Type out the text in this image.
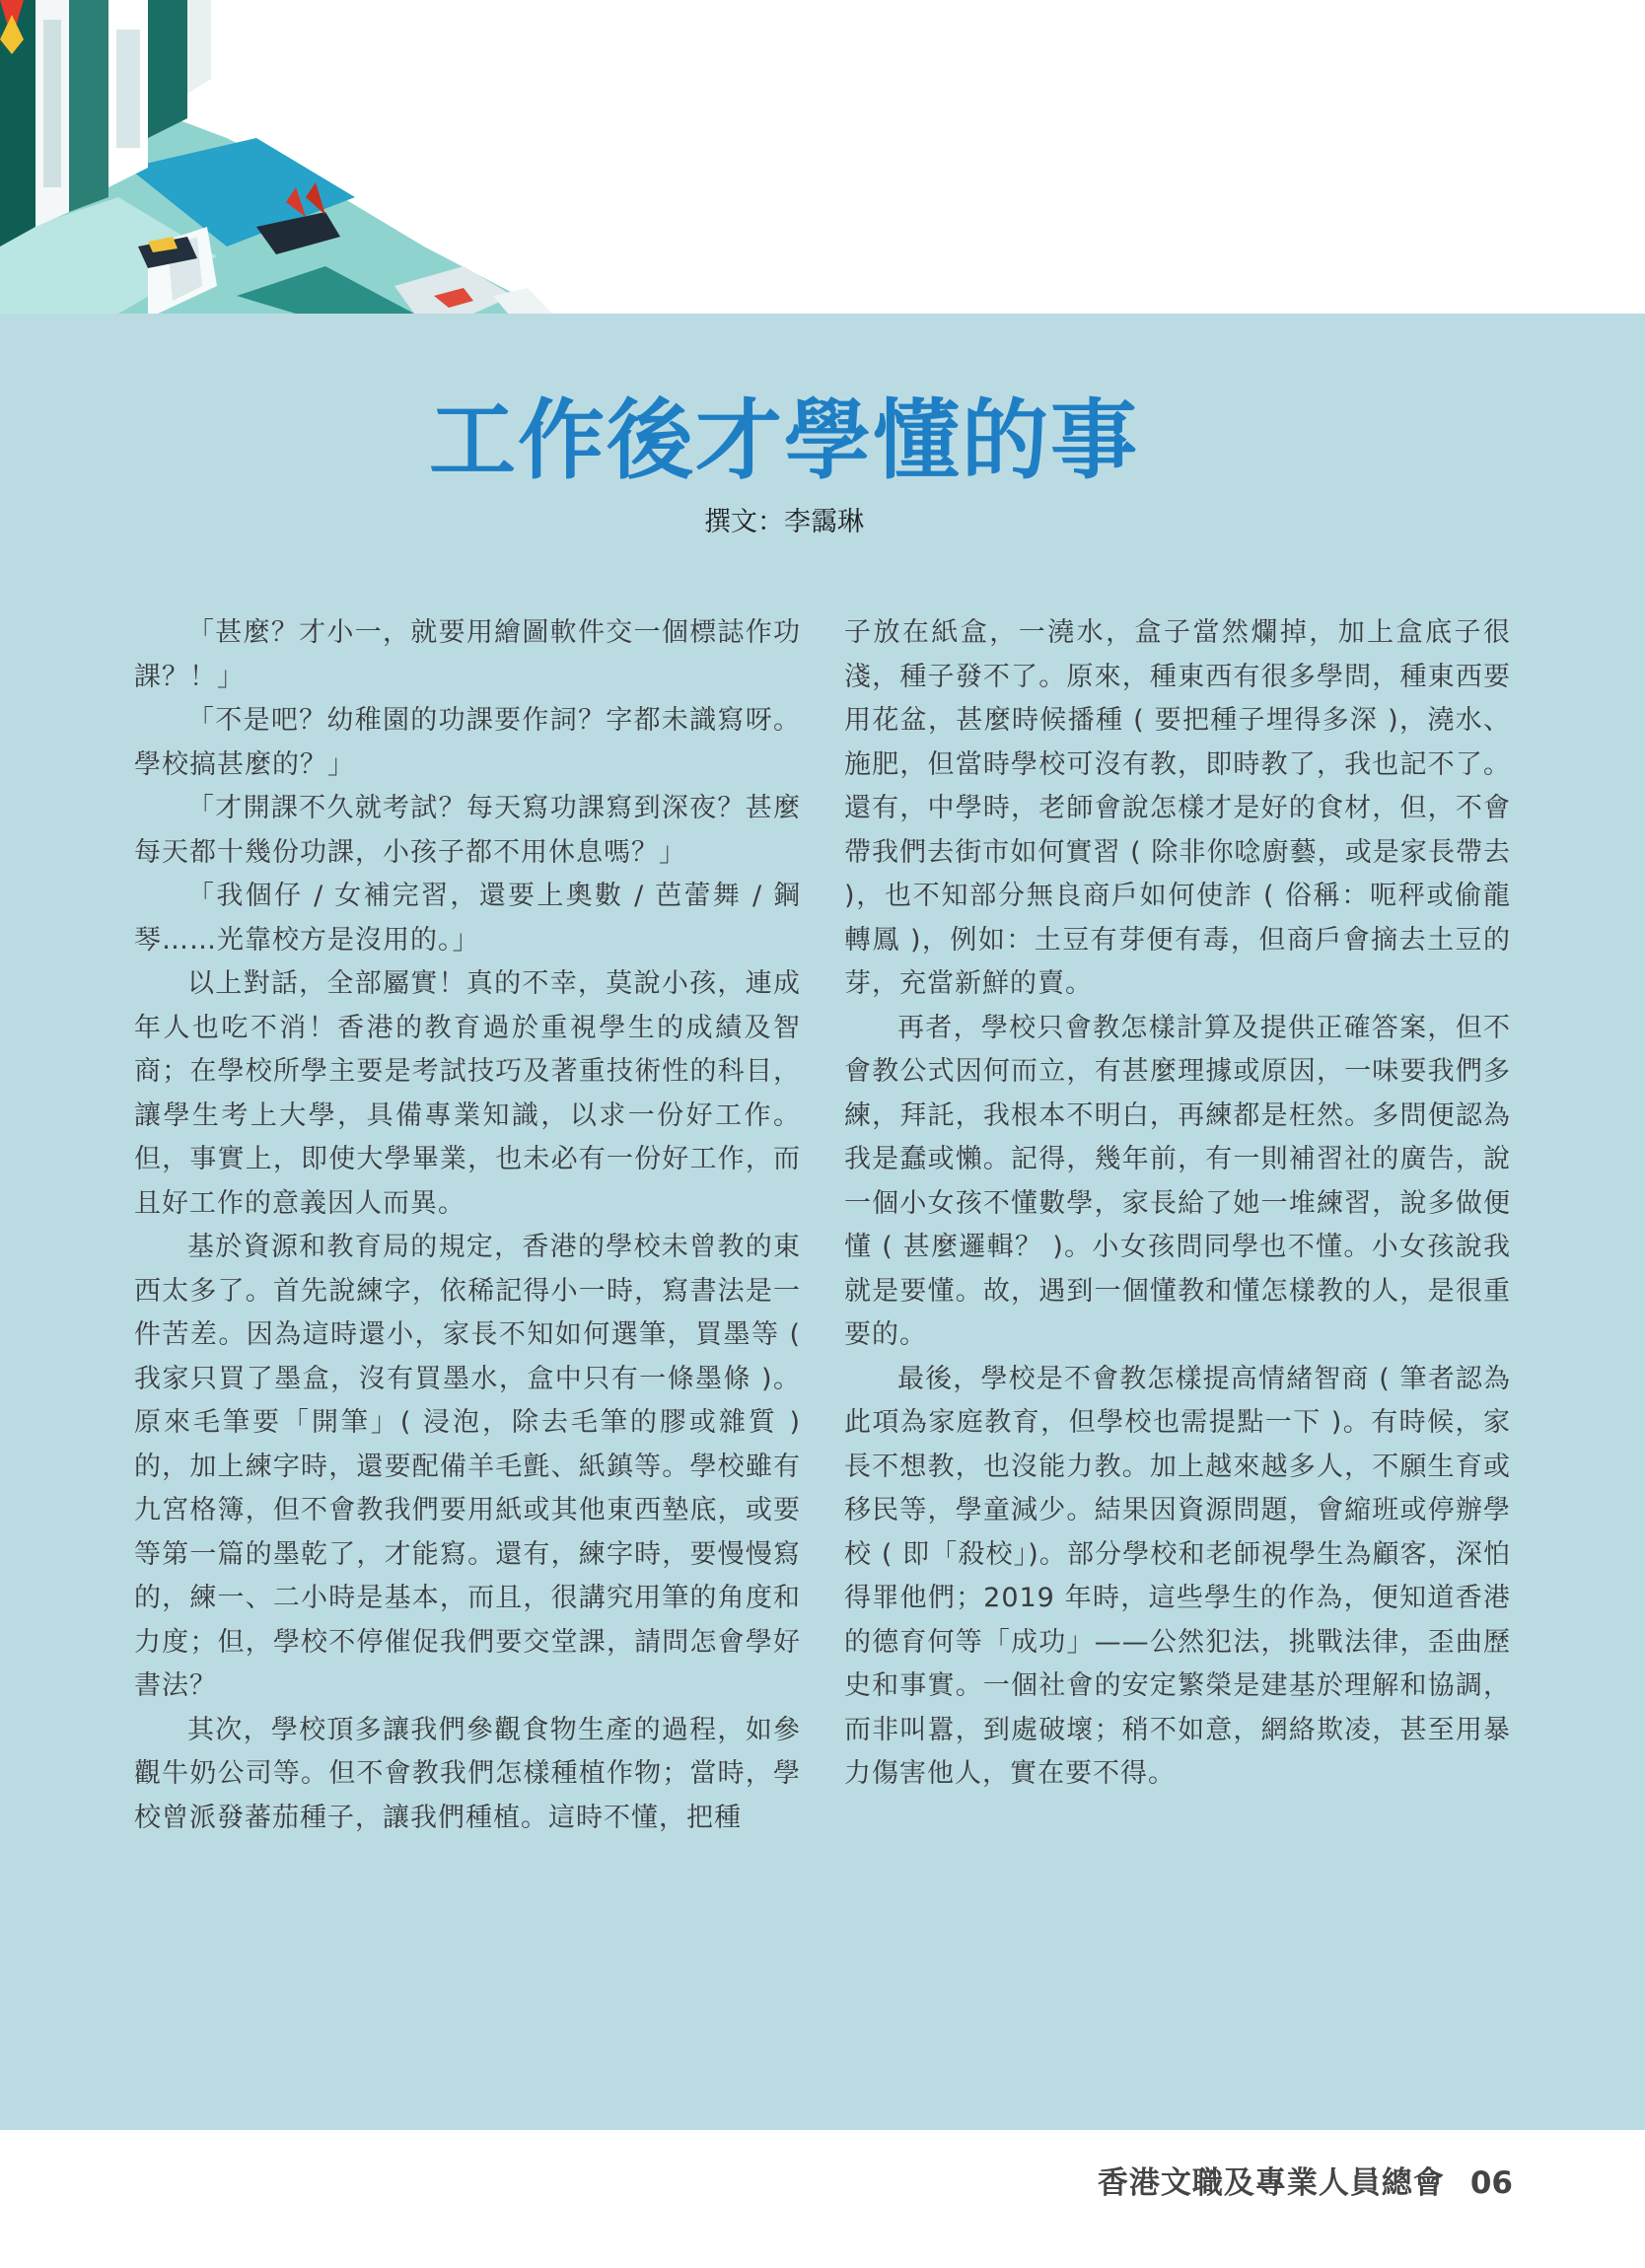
工作後才學懂的事
撰文：李靄琳

「甚麼？才小一，就要用繪圖軟件交一個標誌作功課？！」

「不是吧？幼稚園的功課要作詞？字都未識寫呀。學校搞甚麼的？」

「才開課不久就考試？每天寫功課寫到深夜？甚麼每天都十幾份功課，小孩子都不用休息嗎？」

「我個仔 / 女補完習，還要上奧數 / 芭蕾舞 / 鋼琴……光靠校方是沒用的。」

以上對話，全部屬實！真的不幸，莫說小孩，連成年人也吃不消！香港的教育過於重視學生的成績及智商；在學校所學主要是考試技巧及著重技術性的科目，讓學生考上大學，具備專業知識，以求一份好工作。但，事實上，即使大學畢業，也未必有一份好工作，而且好工作的意義因人而異。

基於資源和教育局的規定，香港的學校未曾教的東西太多了。首先說練字，依稀記得小一時，寫書法是一件苦差。因為這時還小，家長不知如何選筆，買墨等 ( 我家只買了墨盒，沒有買墨水，盒中只有一條墨條 )。原來毛筆要「開筆」( 浸泡，除去毛筆的膠或雜質 ) 的，加上練字時，還要配備羊毛氈、紙鎮等。學校雖有九宮格簿，但不會教我們要用紙或其他東西墊底，或要等第一篇的墨乾了，才能寫。還有，練字時，要慢慢寫的，練一、二小時是基本，而且，很講究用筆的角度和力度；但，學校不停催促我們要交堂課，請問怎會學好書法？

其次，學校頂多讓我們參觀食物生產的過程，如參觀牛奶公司等。但不會教我們怎樣種植作物；當時，學校曾派發蕃茄種子，讓我們種植。這時不懂，把種

子放在紙盒，一澆水，盒子當然爛掉，加上盒底子很淺，種子發不了。原來，種東西有很多學問，種東西要用花盆，甚麼時候播種 ( 要把種子埋得多深 )，澆水、施肥，但當時學校可沒有教，即時教了，我也記不了。還有，中學時，老師會說怎樣才是好的食材，但，不會帶我們去街市如何實習 ( 除非你唸廚藝，或是家長帶去 )，也不知部分無良商戶如何使詐 ( 俗稱：呃秤或偷龍轉鳳 )，例如：土豆有芽便有毒，但商戶會摘去土豆的芽，充當新鮮的賣。

再者，學校只會教怎樣計算及提供正確答案，但不會教公式因何而立，有甚麼理據或原因，一味要我們多練，拜託，我根本不明白，再練都是枉然。多問便認為我是蠢或懶。記得，幾年前，有一則補習社的廣告，說一個小女孩不懂數學，家長給了她一堆練習，說多做便懂 ( 甚麼邏輯？ )。小女孩問同學也不懂。小女孩說我就是要懂。故，遇到一個懂教和懂怎樣教的人，是很重要的。

最後，學校是不會教怎樣提高情緒智商 ( 筆者認為此項為家庭教育，但學校也需提點一下 )。有時候，家長不想教，也沒能力教。加上越來越多人，不願生育或移民等，學童減少。結果因資源問題，會縮班或停辦學校 ( 即「殺校」)。部分學校和老師視學生為顧客，深怕得罪他們；2019 年時，這些學生的作為，便知道香港的德育何等「成功」——公然犯法，挑戰法律，歪曲歷史和事實。一個社會的安定繁榮是建基於理解和協調，而非叫囂，到處破壞；稍不如意，網絡欺凌，甚至用暴力傷害他人，實在要不得。

香港文職及專業人員總會 06
